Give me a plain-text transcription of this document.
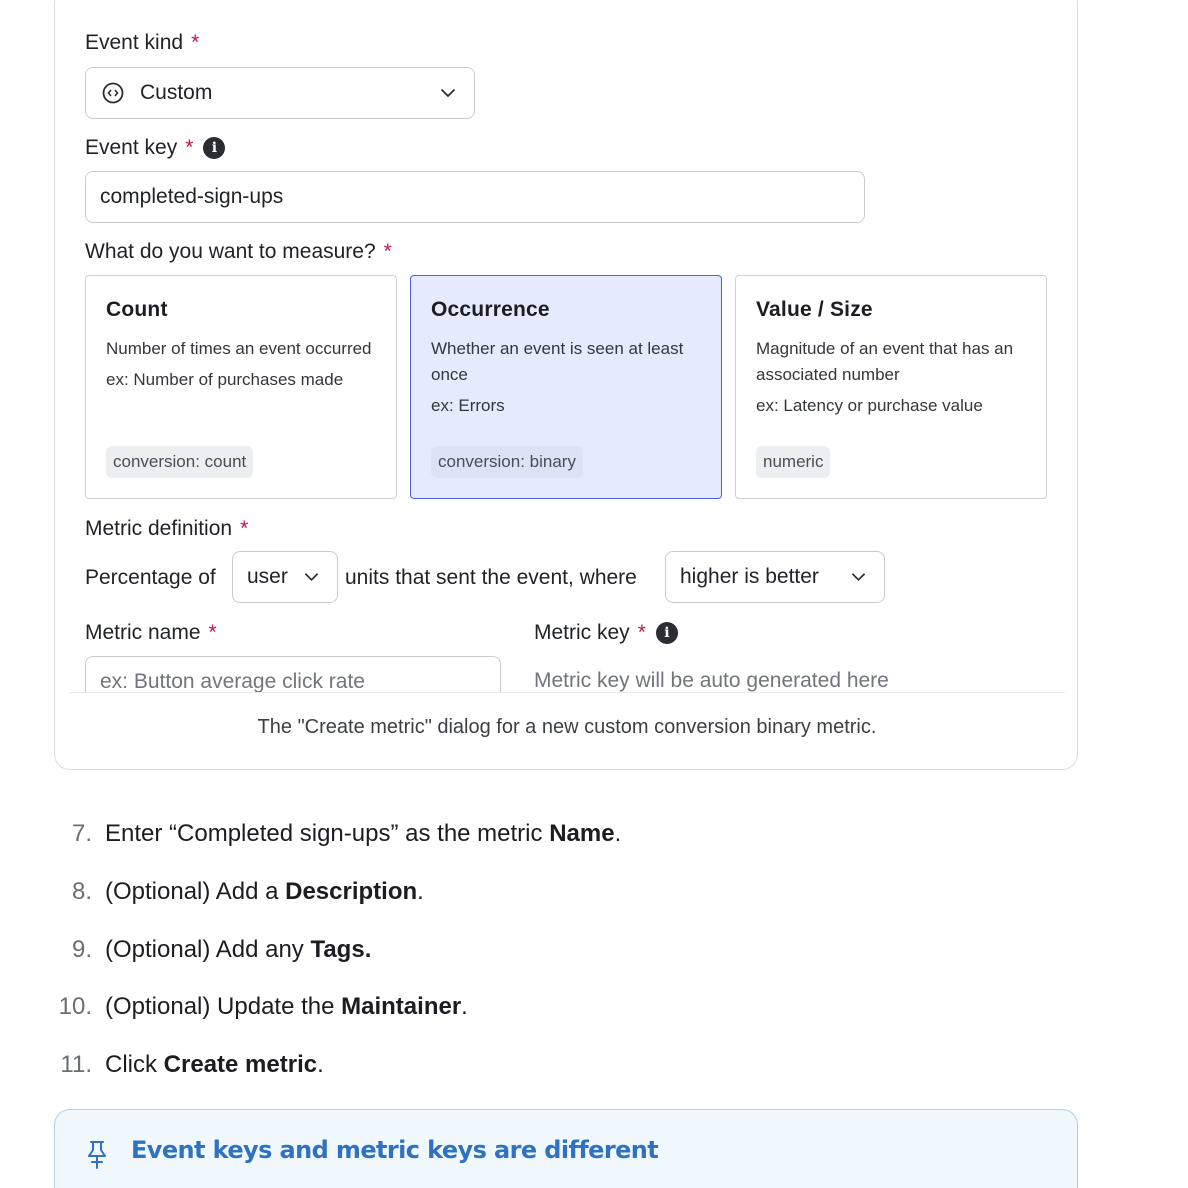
Event kind *
Custom
Event key *	i
completed-sign-ups
What do you want to measure? *
Count
Number of times an event occurred
ex: Number of purchases made
conversion: count
Occurrence
Whether an event is seen at least once
ex: Errors
conversion: binary
Value / Size
Magnitude of an event that has an associated number
ex: Latency or purchase value
numeric
Metric definition *
Percentage of user	units that sent the event, where higher is better
Metric name *
ex: Button average click rate
Metric key *	i
Metric key will be auto generated here
The "Create metric" dialog for a new custom conversion binary metric.
7. Enter “Completed sign-ups” as the metric Name.
8. (Optional) Add a Description.
9. (Optional) Add any Tags.
10. (Optional) Update the Maintainer.
11. Click Create metric.
Event keys and metric keys are different
